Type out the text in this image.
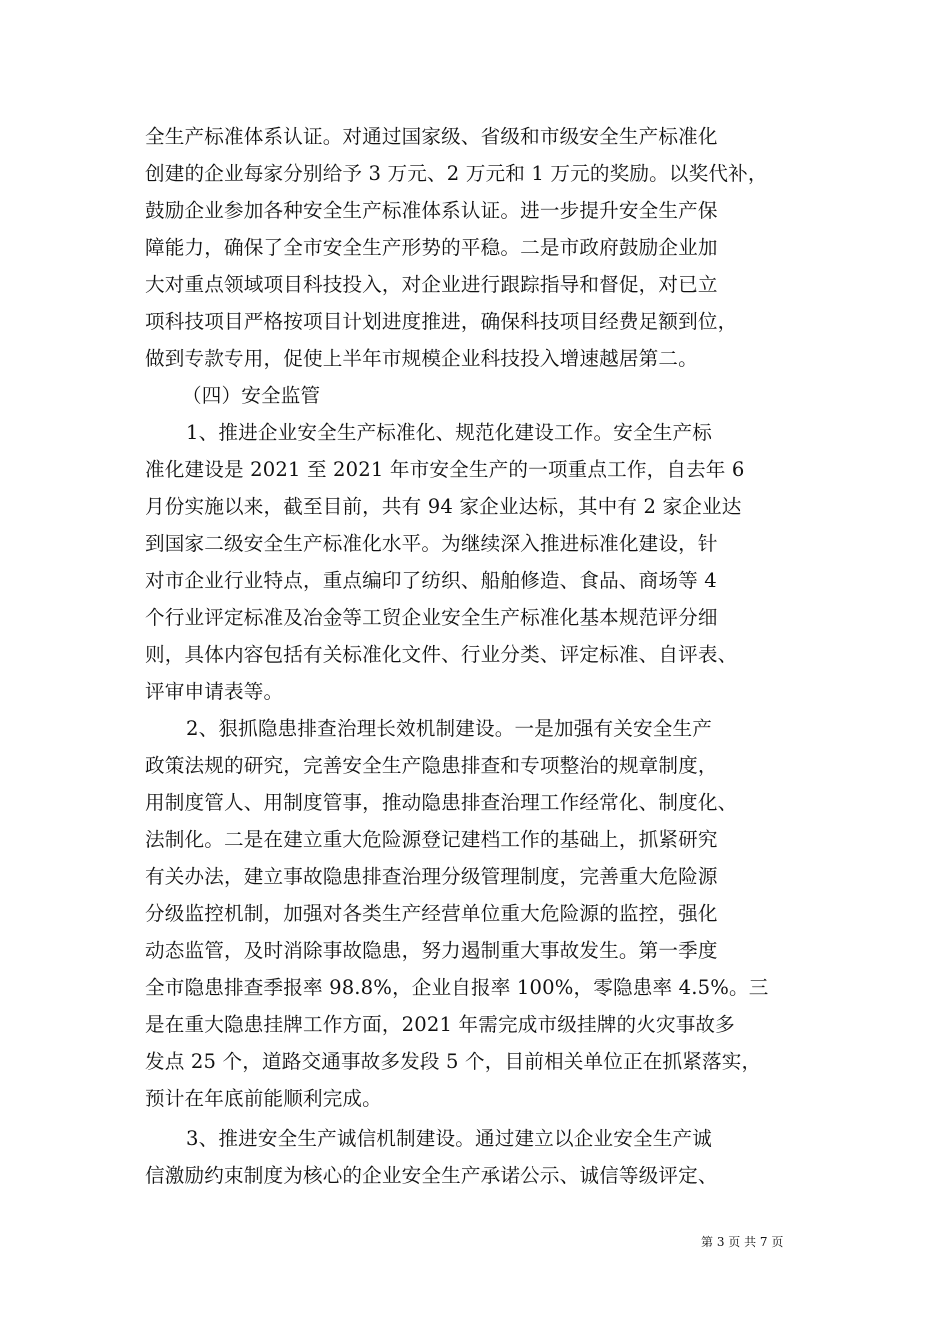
全生产标准体系认证。对通过国家级、省级和市级安全生产标准化
创建的企业每家分别给予 3 万元、2 万元和 1 万元的奖励。以奖代补，
鼓励企业参加各种安全生产标准体系认证。进一步提升安全生产保
障能力，确保了全市安全生产形势的平稳。二是市政府鼓励企业加
大对重点领域项目科技投入，对企业进行跟踪指导和督促，对已立
项科技项目严格按项目计划进度推进，确保科技项目经费足额到位，
做到专款专用，促使上半年市规模企业科技投入增速越居第二。
（四）安全监管
1、推进企业安全生产标准化、规范化建设工作。安全生产标
准化建设是 2021 至 2021 年市安全生产的一项重点工作，自去年 6
月份实施以来，截至目前，共有 94 家企业达标，其中有 2 家企业达
到国家二级安全生产标准化水平。为继续深入推进标准化建设，针
对市企业行业特点，重点编印了纺织、船舶修造、食品、商场等 4
个行业评定标准及冶金等工贸企业安全生产标准化基本规范评分细
则，具体内容包括有关标准化文件、行业分类、评定标准、自评表、
评审申请表等。
2、狠抓隐患排查治理长效机制建设。一是加强有关安全生产
政策法规的研究，完善安全生产隐患排查和专项整治的规章制度，
用制度管人、用制度管事，推动隐患排查治理工作经常化、制度化、
法制化。二是在建立重大危险源登记建档工作的基础上，抓紧研究
有关办法，建立事故隐患排查治理分级管理制度，完善重大危险源
分级监控机制，加强对各类生产经营单位重大危险源的监控，强化
动态监管，及时消除事故隐患，努力遏制重大事故发生。第一季度
全市隐患排查季报率 98.8%，企业自报率 100%，零隐患率 4.5%。三
是在重大隐患挂牌工作方面，2021 年需完成市级挂牌的火灾事故多
发点 25 个，道路交通事故多发段 5 个，目前相关单位正在抓紧落实，
预计在年底前能顺利完成。
3、推进安全生产诚信机制建设。通过建立以企业安全生产诚
信激励约束制度为核心的企业安全生产承诺公示、诚信等级评定、
第 3 页 共 7 页
